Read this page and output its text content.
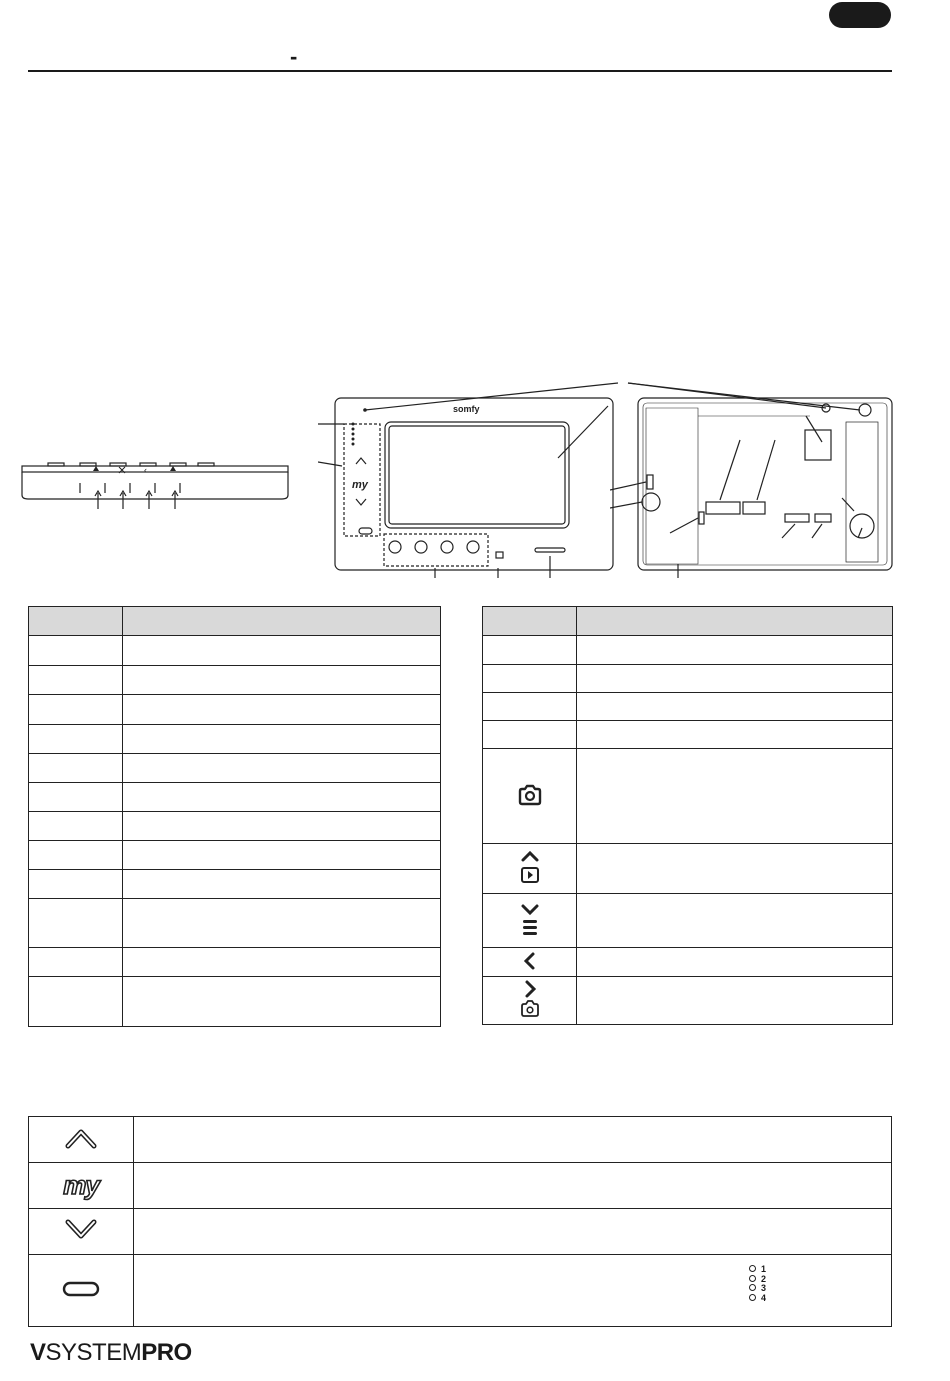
-
‹
somfy
my

my	

1
2
3
4
VSYSTEMPRO
